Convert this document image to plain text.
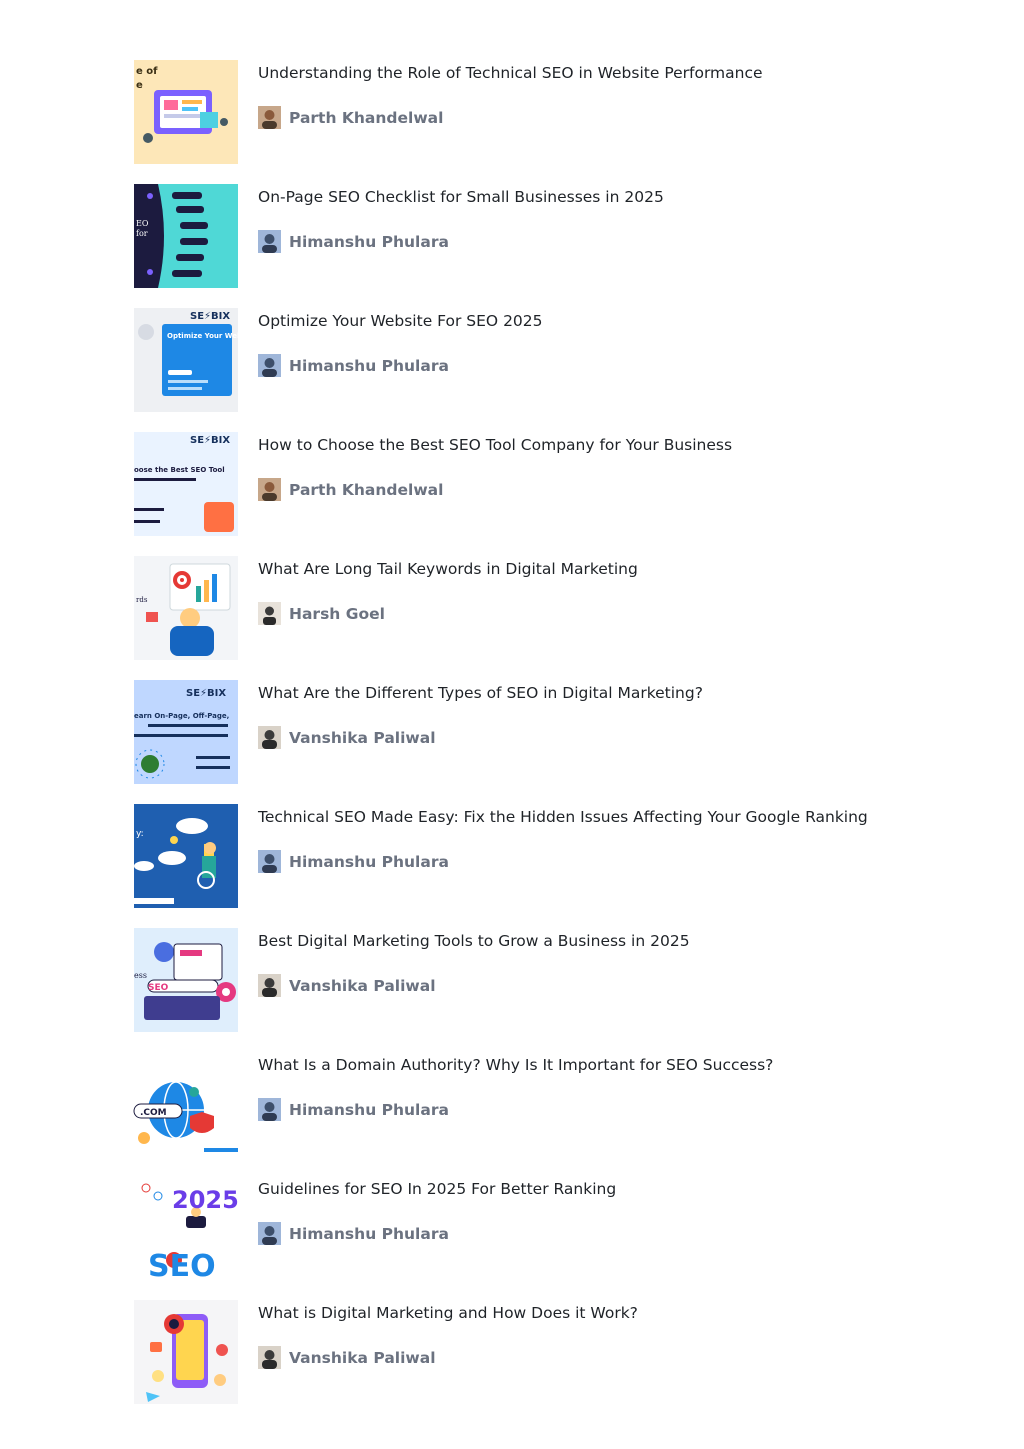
e of
e
Understanding the Role of Technical SEO in Website Performance
Parth Khandelwal
EO
for
On-Page SEO Checklist for Small Businesses in 2025
Himanshu Phulara
SE⚡BIX
Optimize Your Website For SEO 2025
Optimize Your Website For SEO 2025
Himanshu Phulara
SE⚡BIX
oose the Best SEO Tool
How to Choose the Best SEO Tool Company for Your Business
Parth Khandelwal
rds
What Are Long Tail Keywords in Digital Marketing
Harsh Goel
SE⚡BIX
earn On-Page, Off-Page,
What Are the Different Types of SEO in Digital Marketing?
Vanshika Paliwal
y:
Technical SEO Made Easy: Fix the Hidden Issues Affecting Your Google Ranking
Himanshu Phulara
SEO
ess
Best Digital Marketing Tools to Grow a Business in 2025
Vanshika Paliwal
.COM
What Is a Domain Authority? Why Is It Important for SEO Success?
Himanshu Phulara
2025
SEO
Guidelines for SEO In 2025 For Better Ranking
Himanshu Phulara
What is Digital Marketing and How Does it Work?
Vanshika Paliwal
